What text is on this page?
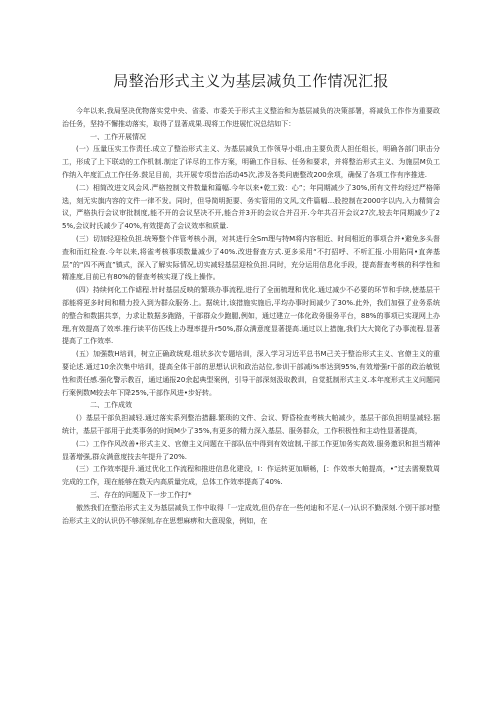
局整治形式主义为基层减负工作情况汇报

今年以来,我局坚决优物落实党中央、省委、市委关于形式主义整治和为基层减负的决策部署，将减负工作作为重要政治任务，坚持不懈推动落实，取得了显著成果.现将工作进展忙况总结如下：

一、工作开展情况

(一）压量压实工作责任.成立了整治形式主义、为基层减负工作领导小组,由主要负责人担任组长，明确各部门职击分工，形成了上下联动的工作机制.制定了详尽的工作方案，明确工作目标、任务和要求，并将整治形式主义、为施层M负工作纳入年度汇点工作任务.鼓足目前，共开展专项昔治活动45次,涉及各类问鹿整改200余项，确保了各项工作有序推进.

(二）相简改进文风会风.严格控制文件数量和篇幅.今年以来•乾工致：心”；年同期减少了30%,所有文件均经过严格筛选，刻无实旗内容的文件一律不发。同时，但导简明扼要、务实管用的文风,文件篇幅...股控制在2000字以内,入力精简会议，严格执行会议审批制度,能不开的会议坚决不开,能合并3开的会议合并召开.今年共召开会议27次,较去年同期减少了25%,会议时氏减少了40%,有效提高了会议效率和质量.

(三）切加轻迎检负担.统筹整个伴管考核小润，对其进行全Sm理与特M将内容相近、时间相近的事项合并•避免多头督查和而红检查.今年以来,将雀考核事项数量减少了40%.改进督查方式.更多采用“不打招呼、不听汇报.小用陷同•直奔基层”的“四不两直”镇式，深入了解实际情况,切实减轻基层迎检负担.同时，充分运用信息化手段，提高督查考核的科学性和精准度,目前已有80%的督查考核实现了线上操作。

(四）持续何化工作谑程.针时基层反映的繁琐办事流程,进行了全面梳理和优化.通过减少不必要的环节和手续,使基层干部能将更多时间和精力投入到为群众服务.上。据统计,该措施实施后,平均办事时间减少了30%.此外，我们加强了业务系统的整合和数据共享，力求让数据多跑路，干部群众少跑腿,例如，通过建立一体化政务服务平台，88%的事项已实现网上办理,有效提高了效率.推行读平仿匹线上办理率提升r50%,群众满意度显著提高.通过以上措施,我们大大简化了办事流程.显著提高了工作效率.

(五）加强数H培训，树立正确政统观.组状多次专题培训，深入学习习近平总书M己关于整治形式主义、官僚主义的重要论述.通过10余次集中培训，提高全体干部的思想认识和政治站位,参训干部减i%率达到95%,有效增强r干部的政治敏锐性和责任感.强化警示教百，通过通报20余起典型案例，引导干部深刻汲取教训，自觉抵制形式主义.本年度形式主义问题同行案例数M较去年下降25%,干部作风进•步好转。

二、工作成效

(）基层干部负担减轻.通过落实系列整治措翻.繁琐的文件、会议、野昏检查考核大帕减少，基层干部负担明显减轻.据统计，基层干部用于此类事务的时间M少了35%,有更多的精力深入基层、服务群众，工作积极性和主动性显著提高，

(二）工作作风改善•形式主义、官僚主义问题在干部队伍中得到有效谊制,干部工作更加务实高效.服务邀识和担当精神显著增强,群众满意度技去年提升了20%.

(三）工作效率提升.通过优化工作流程和推进信息化建设，I：作运转更加顺畅，[：作效率大帕提高，•”过去需聚数周完成的工作，现在能够在数天内高质量完成，总体工作效率提高了40%.

三、存在的问题及下一步工作打*

傲然我们在整治形式主义为基层减负工作中取得「一定成效,但仍存在一些何迪和不足.(一)认识不勤深刻.个别干部对整治形式主义的认识仍不够深刻,存在思想麻痹和大意现象，例如，在
